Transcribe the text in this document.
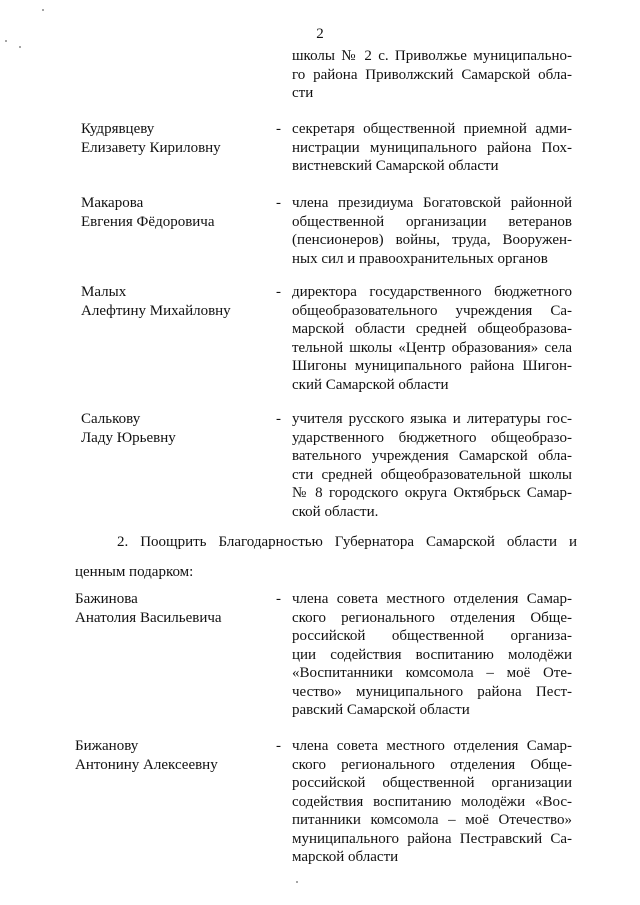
2
школы № 2 с. Приволжье муниципально-
го района Приволжский Самарской обла-
сти
Кудрявцеву
Елизавету Кириловну
- секретаря общественной приемной адми-
нистрации муниципального района Пох-
вистневский Самарской области
Макарова
Евгения Фёдоровича
- члена президиума Богатовской районной
общественной организации ветеранов
(пенсионеров) войны, труда, Вооружен-
ных сил и правоохранительных органов
Малых
Алефтину Михайловну
- директора государственного бюджетного
общеобразовательного учреждения Са-
марской области средней общеобразова-
тельной школы «Центр образования» села
Шигоны муниципального района Шигон-
ский Самарской области
Салькову
Ладу Юрьевну
- учителя русского языка и литературы гос-
ударственного бюджетного общеобразо-
вательного учреждения Самарской обла-
сти средней общеобразовательной школы
№ 8 городского округа Октябрьск Самар-
ской области.
2. Поощрить Благодарностью Губернатора Самарской области и
ценным подарком:
Бажинова
Анатолия Васильевича
- члена совета местного отделения Самар-
ского регионального отделения Обще-
российской общественной организа-
ции содействия воспитанию молодёжи
«Воспитанники комсомола – моё Оте-
чество» муниципального района Пест-
равский Самарской области
Бижанову
Антонину Алексеевну
- члена совета местного отделения Самар-
ского регионального отделения Обще-
российской общественной организации
содействия воспитанию молодёжи «Вос-
питанники комсомола – моё Отечество»
муниципального района Пестравский Са-
марской области
